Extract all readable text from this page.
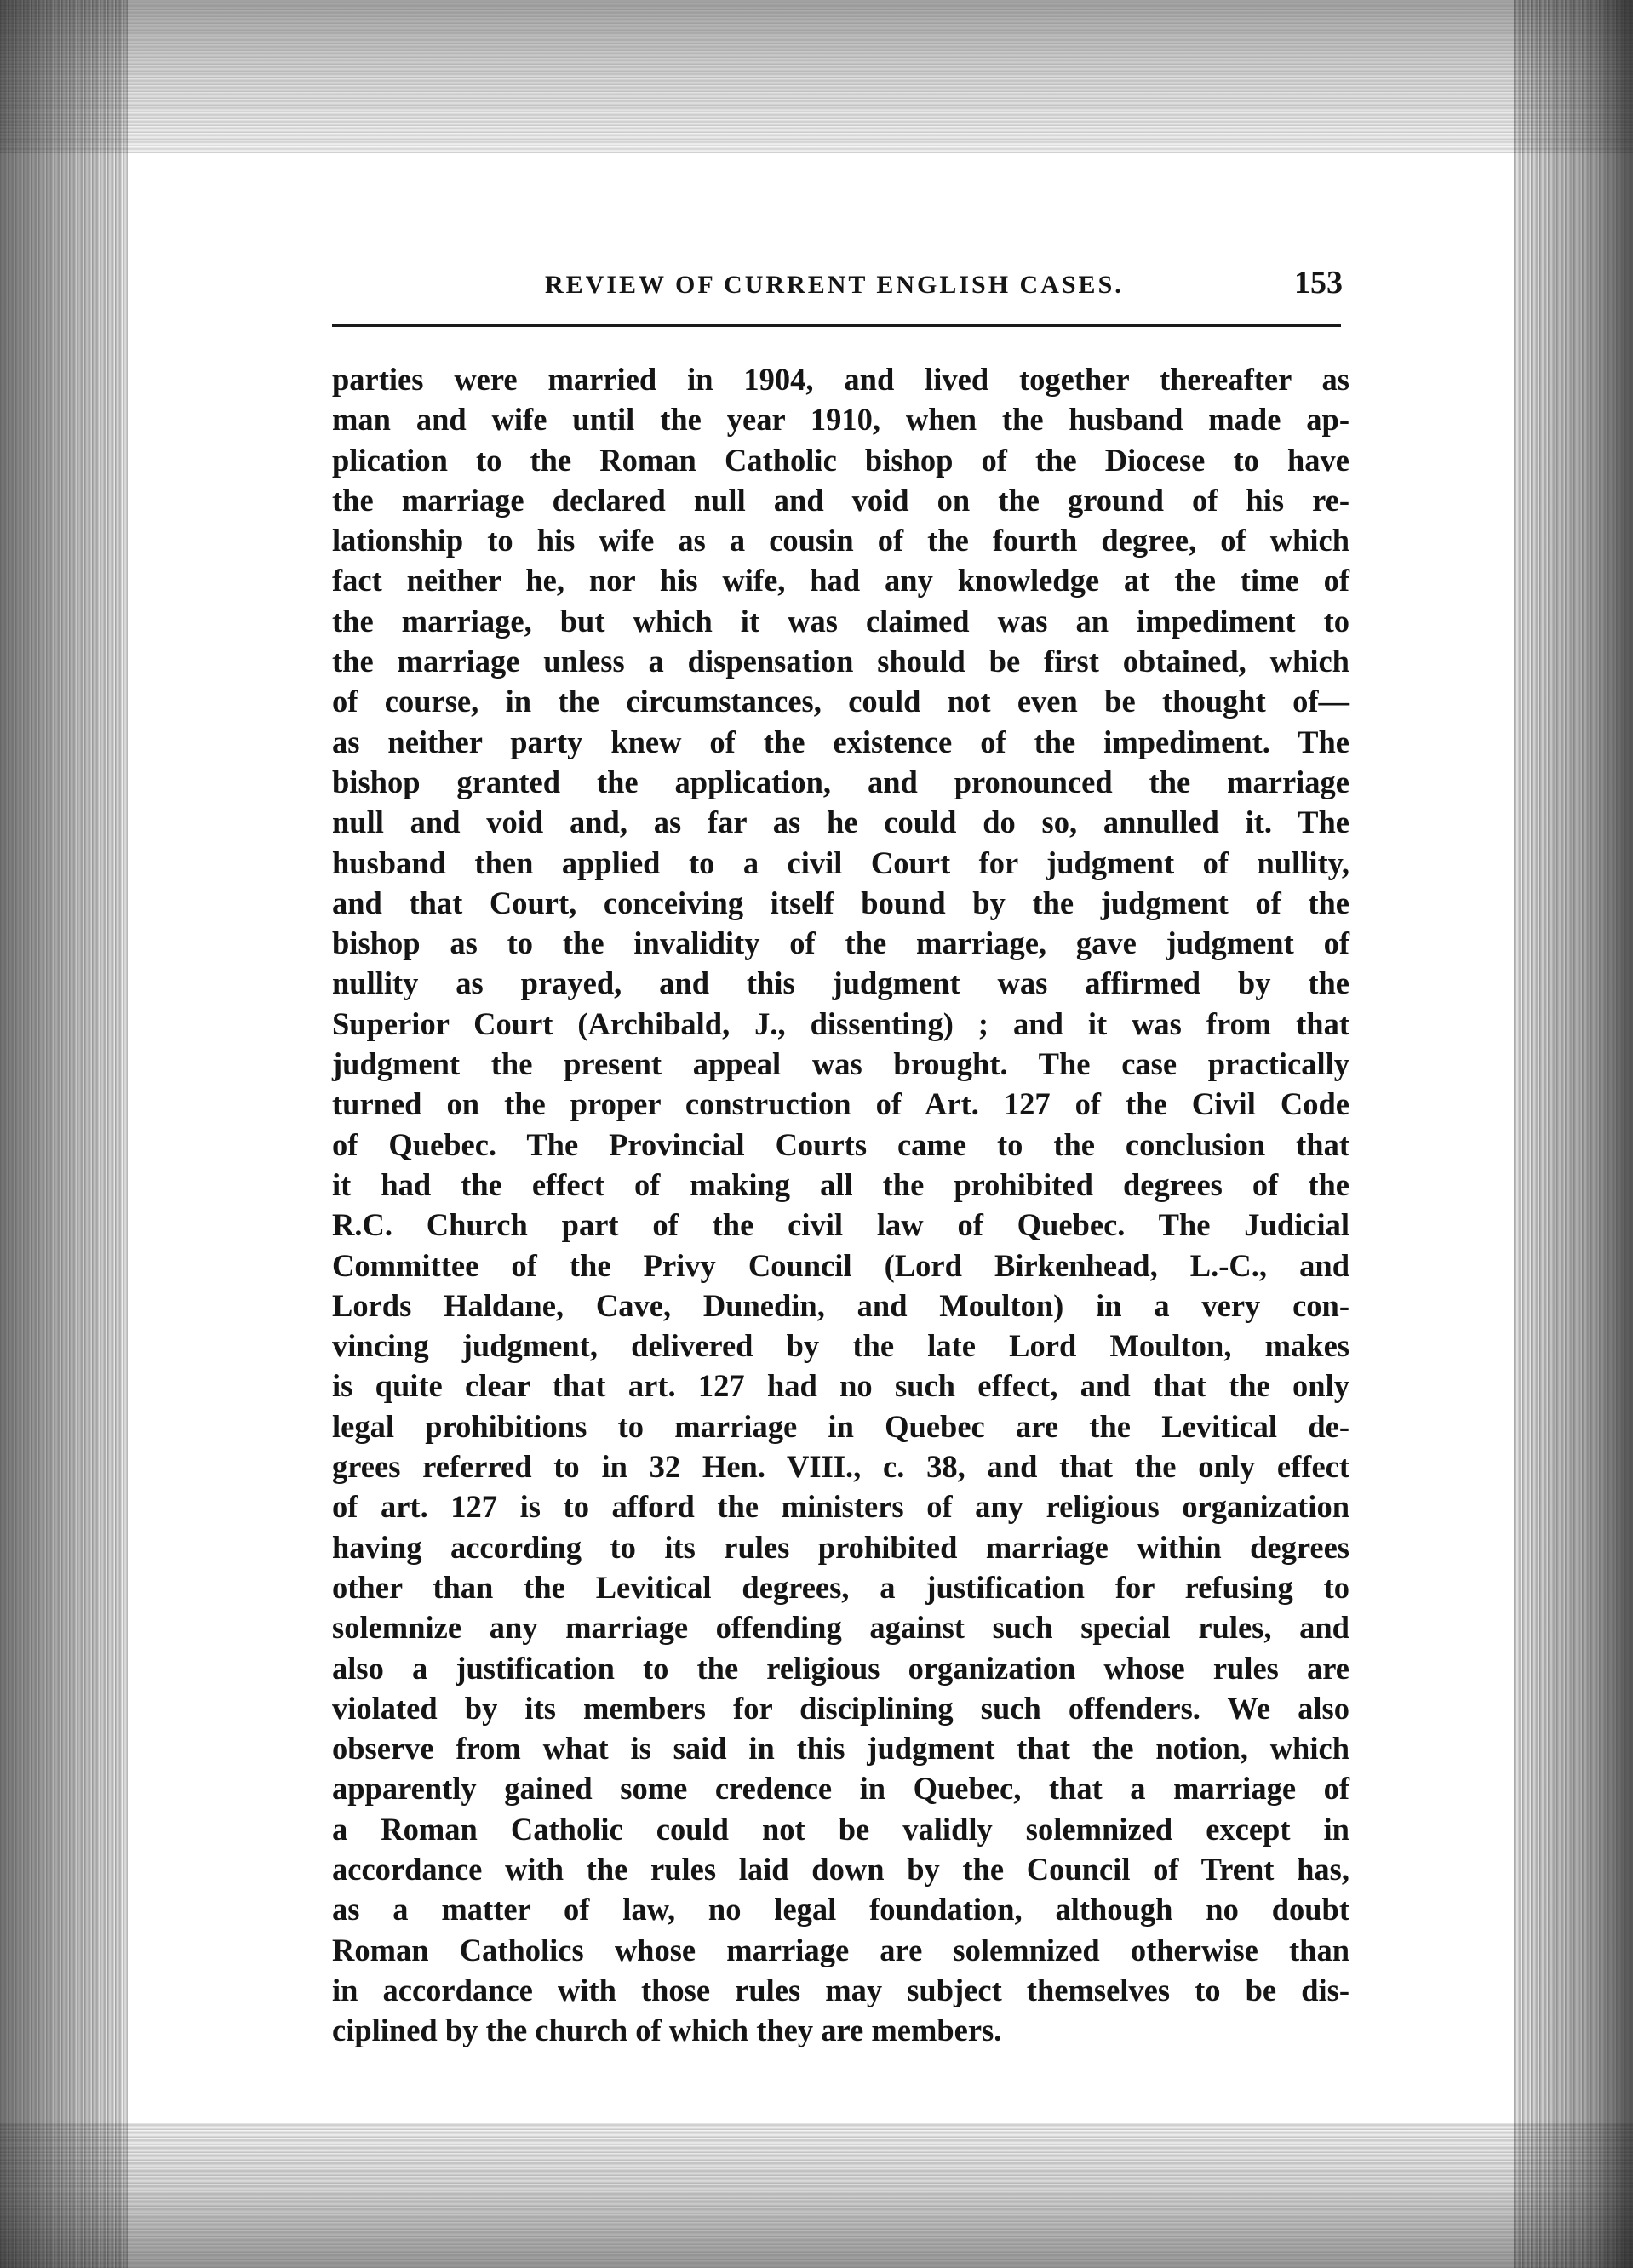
REVIEW OF CURRENT ENGLISH CASES.	153
parties were married in 1904, and lived together thereafter as
man and wife until the year 1910, when the husband made ap-
plication to the Roman Catholic bishop of the Diocese to have
the marriage declared null and void on the ground of his re-
lationship to his wife as a cousin of the fourth degree, of which
fact neither he, nor his wife, had any knowledge at the time of
the marriage, but which it was claimed was an impediment to
the marriage unless a dispensation should be first obtained, which
of course, in the circumstances, could not even be thought of—
as neither party knew of the existence of the impediment. The
bishop granted the application, and pronounced the marriage
null and void and, as far as he could do so, annulled it. The
husband then applied to a civil Court for judgment of nullity,
and that Court, conceiving itself bound by the judgment of the
bishop as to the invalidity of the marriage, gave judgment of
nullity as prayed, and this judgment was affirmed by the
Superior Court (Archibald, J., dissenting) ; and it was from that
judgment the present appeal was brought. The case practically
turned on the proper construction of Art. 127 of the Civil Code
of Quebec. The Provincial Courts came to the conclusion that
it had the effect of making all the prohibited degrees of the
R.C. Church part of the civil law of Quebec. The Judicial
Committee of the Privy Council (Lord Birkenhead, L.-C., and
Lords Haldane, Cave, Dunedin, and Moulton) in a very con-
vincing judgment, delivered by the late Lord Moulton, makes
is quite clear that art. 127 had no such effect, and that the only
legal prohibitions to marriage in Quebec are the Levitical de-
grees referred to in 32 Hen. VIII., c. 38, and that the only effect
of art. 127 is to afford the ministers of any religious organization
having according to its rules prohibited marriage within degrees
other than the Levitical degrees, a justification for refusing to
solemnize any marriage offending against such special rules, and
also a justification to the religious organization whose rules are
violated by its members for disciplining such offenders. We also
observe from what is said in this judgment that the notion, which
apparently gained some credence in Quebec, that a marriage of
a Roman Catholic could not be validly solemnized except in
accordance with the rules laid down by the Council of Trent has,
as a matter of law, no legal foundation, although no doubt
Roman Catholics whose marriage are solemnized otherwise than
in accordance with those rules may subject themselves to be dis-
ciplined by the church of which they are members.
